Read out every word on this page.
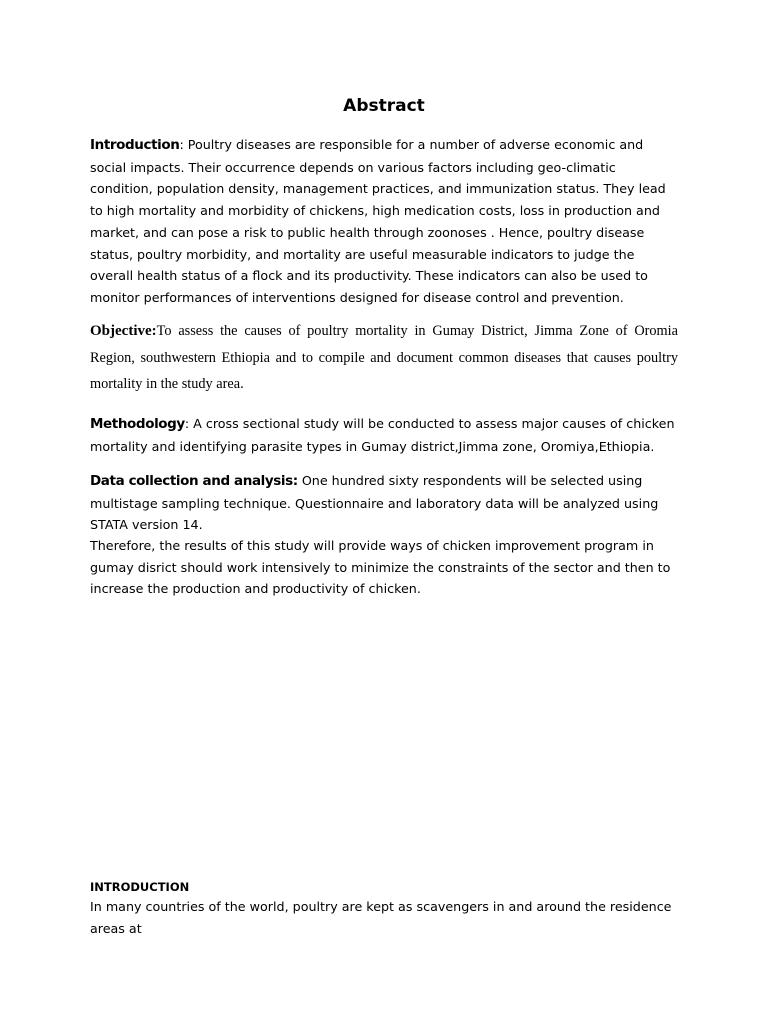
Abstract

Introduction: Poultry diseases are responsible for a number of adverse economic and social impacts. Their occurrence depends on various factors including geo-climatic condition, population density, management practices, and immunization status. They lead to high mortality and morbidity of chickens, high medication costs, loss in production and market, and can pose a risk to public health through zoonoses . Hence, poultry disease status, poultry morbidity, and mortality are useful measurable indicators to judge the overall health status of a flock and its productivity. These indicators can also be used to monitor performances of interventions designed for disease control and prevention.

Objective:To assess the causes of poultry mortality in Gumay District, Jimma Zone of Oromia Region, southwestern Ethiopia and to compile and document common diseases that causes poultry mortality in the study area.

Methodology: A cross sectional study will be conducted to assess major causes of chicken mortality and identifying parasite types in Gumay district,Jimma zone, Oromiya,Ethiopia.

Data collection and analysis: One hundred sixty respondents will be selected using multistage sampling technique. Questionnaire and laboratory data will be analyzed using STATA version 14.

Therefore, the results of this study will provide ways of chicken improvement program in gumay disrict should work intensively to minimize the constraints of the sector and then to increase the production and productivity of chicken.

INTRODUCTION

In many countries of the world, poultry are kept as scavengers in and around the residence areas at
